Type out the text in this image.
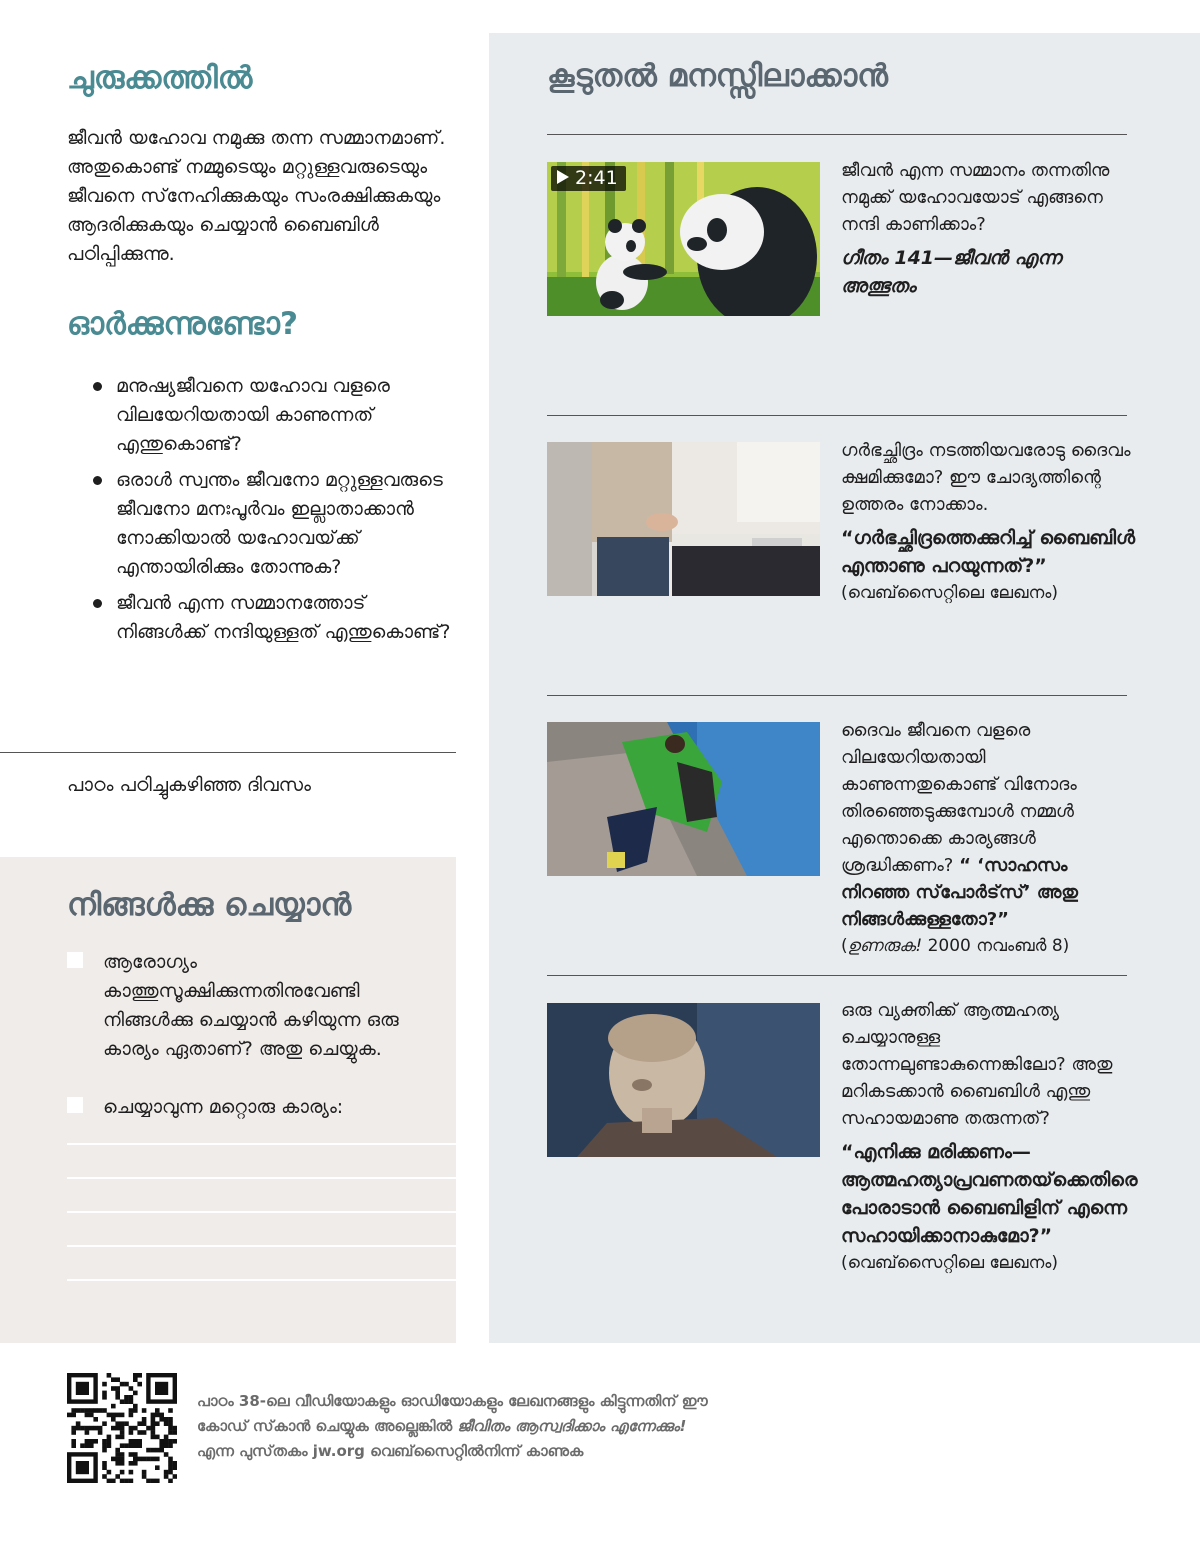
ചുരുക്കത്തിൽ
ജീവൻ യഹോവ നമുക്കു തന്ന സമ്മാനമാണ്‌. അതുകൊണ്ട്‌ നമ്മുടെയും മറ്റുള്ളവരുടെയും ജീവനെ സ്‌നേഹിക്കുകയും സംരക്ഷിക്കുകയും ആദരിക്കുകയും ചെയ്യാൻ ബൈബിൾ പഠിപ്പിക്കുന്നു.
ഓർക്കുന്നുണ്ടോ?
മനുഷ്യജീവനെ യഹോവ വളരെ വിലയേറിയതായി കാണുന്നത്‌ എന്തുകൊണ്ട്‌?
ഒരാൾ സ്വന്തം ജീവനോ മറ്റുള്ളവരുടെ ജീവനോ മനഃപൂർവം ഇല്ലാതാക്കാൻ നോക്കിയാൽ യഹോവയ്‌ക്ക്‌ എന്തായിരിക്കും തോന്നുക?
ജീവൻ എന്ന സമ്മാനത്തോട്‌ നിങ്ങൾക്ക്‌ നന്ദിയുള്ളത്‌ എന്തുകൊണ്ട്‌?
പാഠം പഠിച്ചുകഴിഞ്ഞ ദിവസം
നിങ്ങൾക്കു ചെയ്യാൻ
ആരോഗ്യം കാത്തുസൂക്ഷിക്കുന്നതിനുവേണ്ടി നിങ്ങൾക്കു ചെയ്യാൻ കഴിയുന്ന ഒരു കാര്യം ഏതാണ്‌? അതു ചെയ്യുക.
ചെയ്യാവുന്ന മറ്റൊരു കാര്യം:
കൂടുതൽ മനസ്സിലാക്കാൻ
2:41	ജീവൻ എന്ന സമ്മാനം തന്നതിനു നമുക്ക്‌ യഹോവയോട്‌ എങ്ങനെ നന്ദി കാണിക്കാം?
ഗീതം 141—ജീവൻ എന്ന അത്ഭുതം
ഗർഭച്ഛിദ്രം നടത്തിയവരോടു ദൈവം ക്ഷമിക്കുമോ? ഈ ചോദ്യത്തിന്റെ ഉത്തരം നോക്കാം.
“ഗർഭച്ഛിദ്രത്തെക്കുറിച്ച്‌ ബൈബിൾ എന്താണു പറയുന്നത്‌?”
(വെബ്‌സൈറ്റിലെ ലേഖനം)
ദൈവം ജീവനെ വളരെ വിലയേറിയതായി കാണുന്നതുകൊണ്ട്‌ വിനോദം തിരഞ്ഞെടുക്കുമ്പോൾ നമ്മൾ എന്തൊക്കെ കാര്യങ്ങൾ ശ്രദ്ധിക്കണം? “ ‘സാഹസം നിറഞ്ഞ സ്‌പോർട്‌സ്‌’ അതു നിങ്ങൾക്കുള്ളതോ?”
(ഉണരുക! 2000 നവംബർ 8)
ഒരു വ്യക്തിക്ക്‌ ആത്മഹത്യ ചെയ്യാനുള്ള തോന്നലുണ്ടാകുന്നെങ്കിലോ? അതു മറികടക്കാൻ ബൈബിൾ എന്തു സഹായമാണു തരുന്നത്‌?
“എനിക്കു മരിക്കണം—ആത്മഹത്യാപ്രവണതയ്‌ക്കെതിരെ പോരാടാൻ ബൈബിളിന്‌ എന്നെ സഹായിക്കാനാകുമോ?”
(വെബ്‌സൈറ്റിലെ ലേഖനം)
പാഠം 38-ലെ വീഡിയോകളും ഓഡിയോകളും ലേഖനങ്ങളും കിട്ടുന്നതിന്‌ ഈ കോഡ്‌ സ്‌കാൻ ചെയ്യുക അല്ലെങ്കിൽ ജീവിതം ആസ്വദിക്കാം എന്നേക്കും! എന്ന പുസ്‌തകം jw.org വെബ്‌സൈറ്റിൽനിന്ന്‌ കാണുക
